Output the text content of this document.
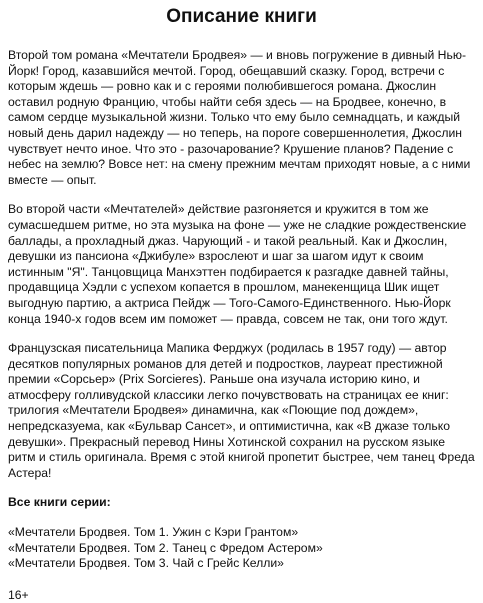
Описание книги

Второй том романа «Мечтатели Бродвея» — и вновь погружение в дивный Нью-Йорк! Город, казавшийся мечтой. Город, обещавший сказку. Город, встречи с которым ждешь — ровно как и с героями полюбившегося романа. Джослин оставил родную Францию, чтобы найти себя здесь — на Бродвее, конечно, в самом сердце музыкальной жизни. Только что ему было семнадцать, и каждый новый день дарил надежду — но теперь, на пороге совершеннолетия, Джослин чувствует нечто иное. Что это - разочарование? Крушение планов? Падение с небес на землю? Вовсе нет: на смену прежним мечтам приходят новые, а с ними вместе — опыт.

Во второй части «Мечтателей» действие разгоняется и кружится в том же сумасшедшем ритме, но эта музыка на фоне — уже не сладкие рождественские баллады, а прохладный джаз. Чарующий - и такой реальный. Как и Джослин, девушки из пансиона «Джибуле» взрослеют и шаг за шагом идут к своим истинным "Я". Танцовщица Манхэттен подбирается к разгадке давней тайны, продавщица Хэдли с успехом копается в прошлом, манекенщица Шик ищет выгодную партию, а актриса Пейдж — Того-Самого-Единственного. Нью-Йорк конца 1940-х годов всем им поможет — правда, совсем не так, они того ждут.

Французская писательница Мапика Ферджух (родилась в 1957 году) — автор десятков популярных романов для детей и подростков, лауреат престижной премии «Сорсьер» (Prix Sorcieres). Раньше она изучала историю кино, и атмосферу голливудской классики легко почувствовать на страницах ее книг: трилогия «Мечтатели Бродвея» динамична, как «Поющие под дождем», непредсказуема, как «Бульвар Сансет», и оптимистична, как «В джазе только девушки». Прекрасный перевод Нины Хотинской сохранил на русском языке ритм и стиль оригинала. Время с этой книгой пропетит быстрее, чем танец Фреда Астера!

Все книги серии:
«Мечтатели Бродвея. Том 1. Ужин с Кэри Грантом»
«Мечтатели Бродвея. Том 2. Танец с Фредом Астером»
«Мечтатели Бродвея. Том 3. Чай с Грейс Келли»
16+
